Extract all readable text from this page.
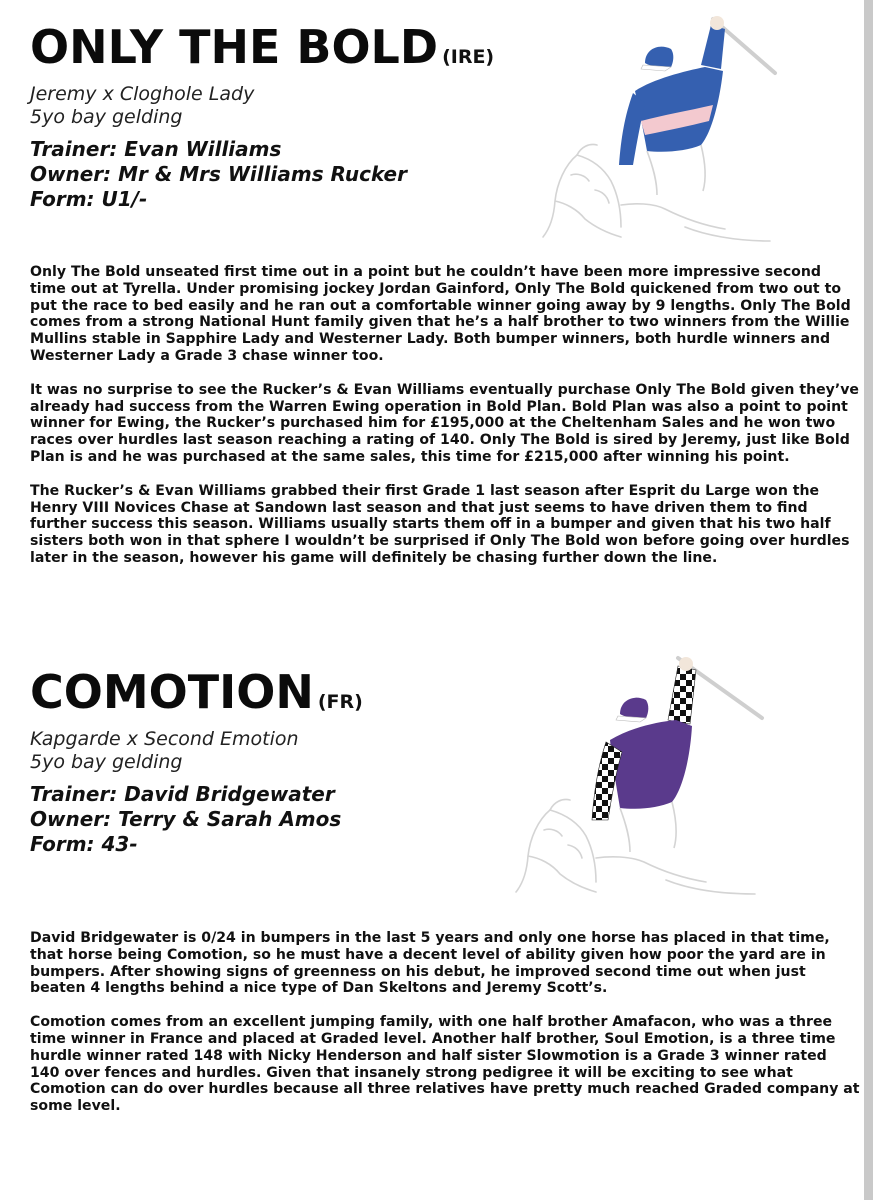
ONLY THE BOLD (IRE)
Jeremy x Cloghole Lady
5yo bay gelding
Trainer: Evan Williams
Owner: Mr & Mrs Williams Rucker
Form: U1/-

Only The Bold unseated first time out in a point but he couldn’t have been more impressive second time out at Tyrella. Under promising jockey Jordan Gainford, Only The Bold quickened from two out to put the race to bed easily and he ran out a comfortable winner going away by 9 lengths. Only The Bold comes from a strong National Hunt family given that he’s a half brother to two winners from the Willie Mullins stable in Sapphire Lady and Westerner Lady. Both bumper winners, both hurdle winners and Westerner Lady a Grade 3 chase winner too.

It was no surprise to see the Rucker’s & Evan Williams eventually purchase Only The Bold given they’ve already had success from the Warren Ewing operation in Bold Plan. Bold Plan was also a point to point winner for Ewing, the Rucker’s purchased him for £195,000 at the Cheltenham Sales and he won two races over hurdles last season reaching a rating of 140. Only The Bold is sired by Jeremy, just like Bold Plan is and he was purchased at the same sales, this time for £215,000 after winning his point.

The Rucker’s & Evan Williams grabbed their first Grade 1 last season after Esprit du Large won the Henry VIII Novices Chase at Sandown last season and that just seems to have driven them to find further success this season. Williams usually starts them off in a bumper and given that his two half sisters both won in that sphere I wouldn’t be surprised if Only The Bold won before going over hurdles later in the season, however his game will definitely be chasing further down the line.

COMOTION (FR)
Kapgarde x Second Emotion
5yo bay gelding
Trainer: David Bridgewater
Owner: Terry & Sarah Amos
Form: 43-

David Bridgewater is 0/24 in bumpers in the last 5 years and only one horse has placed in that time, that horse being Comotion, so he must have a decent level of ability given how poor the yard are in bumpers. After showing signs of greenness on his debut, he improved second time out when just beaten 4 lengths behind a nice type of Dan Skeltons and Jeremy Scott’s.

Comotion comes from an excellent jumping family, with one half brother Amafacon, who was a three time winner in France and placed at Graded level. Another half brother, Soul Emotion, is a three time hurdle winner rated 148 with Nicky Henderson and half sister Slowmotion is a Grade 3 winner rated 140 over fences and hurdles. Given that insanely strong pedigree it will be exciting to see what Comotion can do over hurdles because all three relatives have pretty much reached Graded company at some level.
